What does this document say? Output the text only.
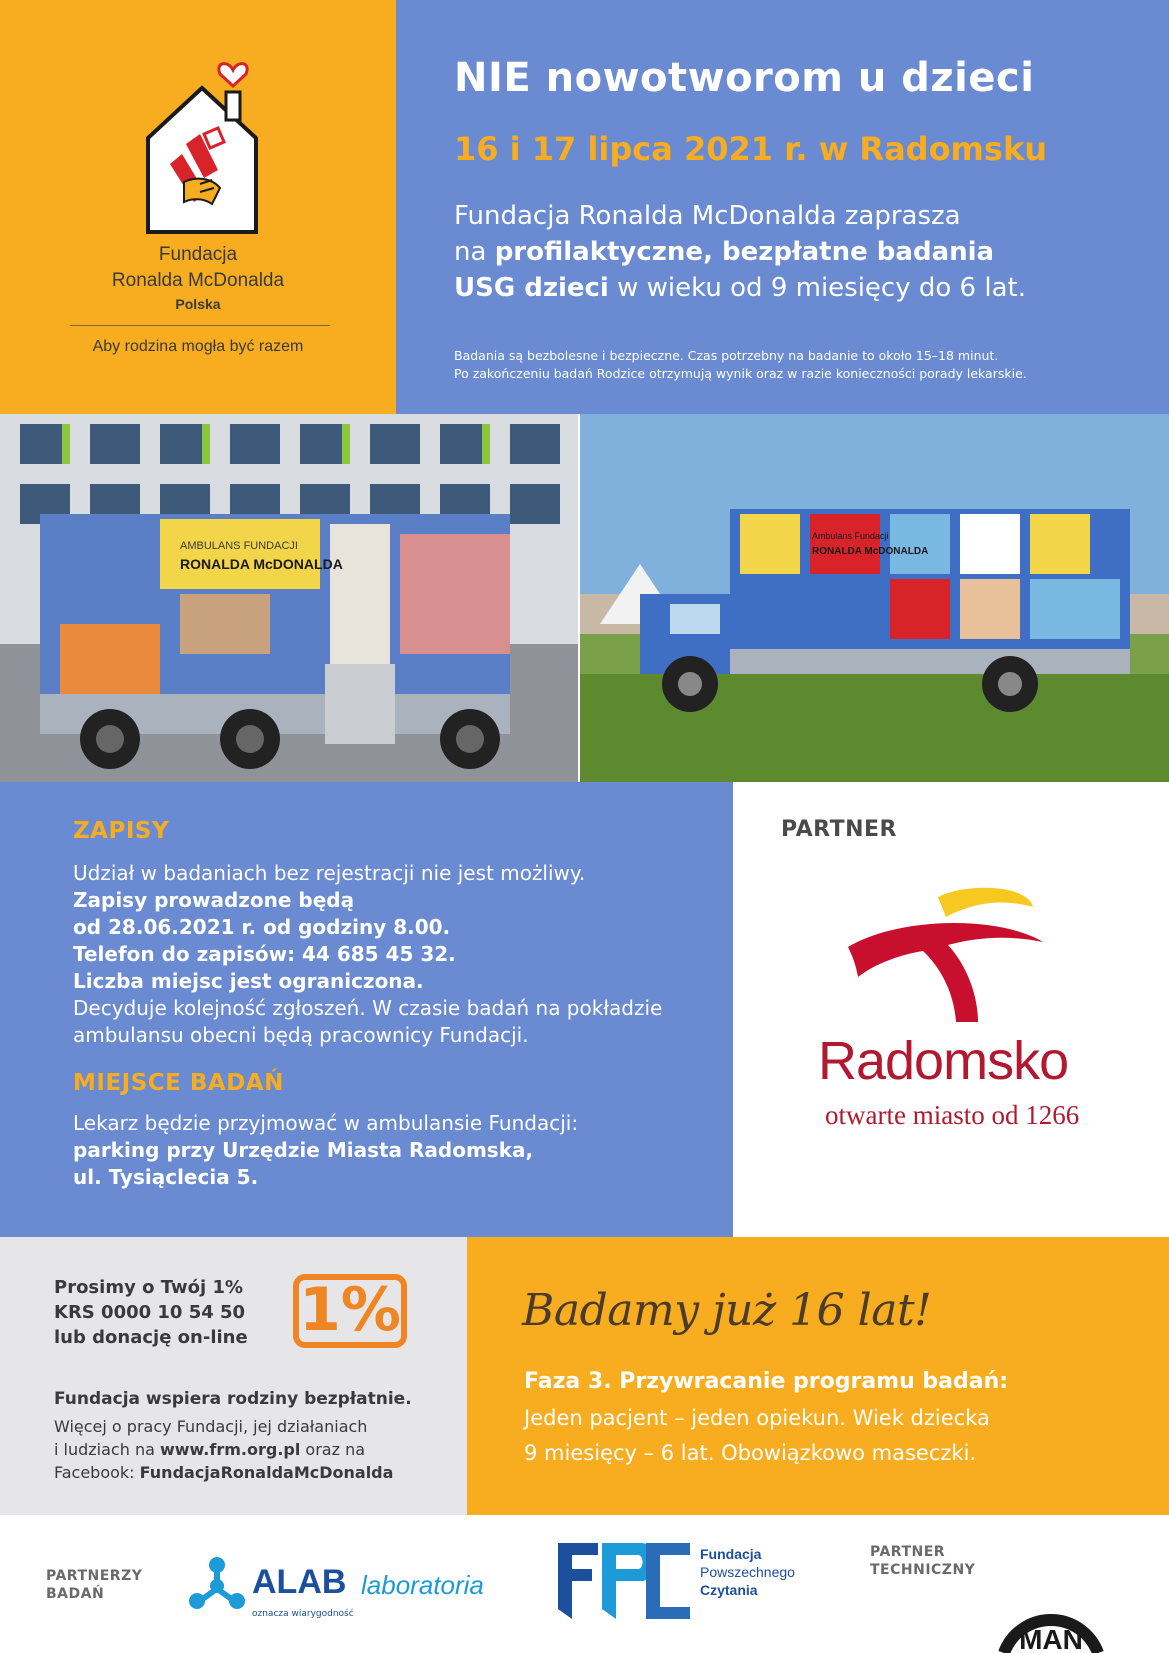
Fundacja
Ronalda McDonalda
Polska
Aby rodzina mogła być razem
NIE nowotworom u dzieci
16 i 17 lipca 2021 r. w Radomsku
Fundacja Ronalda McDonalda zaprasza
na profilaktyczne, bezpłatne badania
USG dzieci w wieku od 9 miesięcy do 6 lat.
Badania są bezbolesne i bezpieczne. Czas potrzebny na badanie to około 15–18 minut.
Po zakończeniu badań Rodzice otrzymują wynik oraz w razie konieczności porady lekarskie.
AMBULANS FUNDACJI
RONALDA McDONALDA
Ambulans Fundacji
RONALDA McDONALDA
ZAPISY
Udział w badaniach bez rejestracji nie jest możliwy.
Zapisy prowadzone będą
od 28.06.2021 r. od godziny 8.00.
Telefon do zapisów: 44 685 45 32.
Liczba miejsc jest ograniczona.
Decyduje kolejność zgłoszeń. W czasie badań na pokładzie
ambulansu obecni będą pracownicy Fundacji.
MIEJSCE BADAŃ
Lekarz będzie przyjmować w ambulansie Fundacji:
parking przy Urzędzie Miasta Radomska,
ul. Tysiąclecia 5.
PARTNER
Radomsko
otwarte miasto od 1266
Prosimy o Twój 1%
KRS 0000 10 54 50
lub donację on-line 1%
Fundacja wspiera rodziny bezpłatnie.
Więcej o pracy Fundacji, jej działaniach
i ludziach na www.frm.org.pl oraz na
Facebook: FundacjaRonaldaMcDonalda
Badamy już 16 lat!
Faza 3. Przywracanie programu badań:
Jeden pacjent – jeden opiekun. Wiek dziecka
9 miesięcy – 6 lat. Obowiązkowo maseczki.
PARTNERZY
BADAŃ	ALAB laboratoria
oznacza wiarygodność
Fundacja
Powszechnego
Czytania
PARTNER
TECHNICZNY
MAN
